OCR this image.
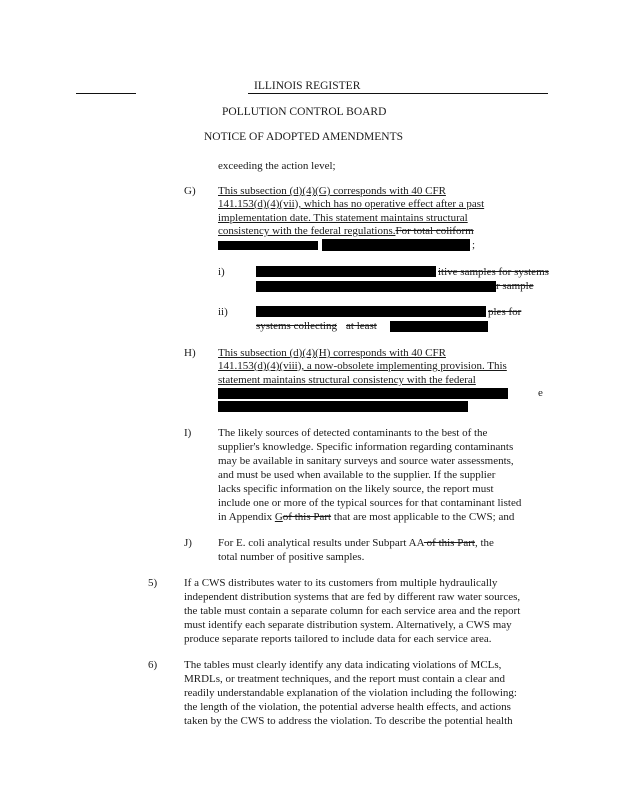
ILLINOIS REGISTER
POLLUTION CONTROL BOARD
NOTICE OF ADOPTED AMENDMENTS
exceeding the action level;
G) This subsection (d)(4)(G) corresponds with 40 CFR
141.153(d)(4)(vii), which has no operative effect after a past
implementation date. This statement maintains structural
consistency with the federal regulations.For total coliform
;
i)	itive samples for systems
r sample
ii)	ples for
systems collecting at least
H) This subsection (d)(4)(H) corresponds with 40 CFR
141.153(d)(4)(viii), a now-obsolete implementing provision. This
statement maintains structural consistency with the federal
e
I) The likely sources of detected contaminants to the best of the
supplier's knowledge. Specific information regarding contaminants
may be available in sanitary surveys and source water assessments,
and must be used when available to the supplier. If the supplier
lacks specific information on the likely source, the report must
include one or more of the typical sources for that contaminant listed
in Appendix Gof this Part that are most applicable to the CWS; and
J) For E. coli analytical results under Subpart AA of this Part, the
total number of positive samples.
5) If a CWS distributes water to its customers from multiple hydraulically
independent distribution systems that are fed by different raw water sources,
the table must contain a separate column for each service area and the report
must identify each separate distribution system. Alternatively, a CWS may
produce separate reports tailored to include data for each service area.
6) The tables must clearly identify any data indicating violations of MCLs,
MRDLs, or treatment techniques, and the report must contain a clear and
readily understandable explanation of the violation including the following:
the length of the violation, the potential adverse health effects, and actions
taken by the CWS to address the violation. To describe the potential health
